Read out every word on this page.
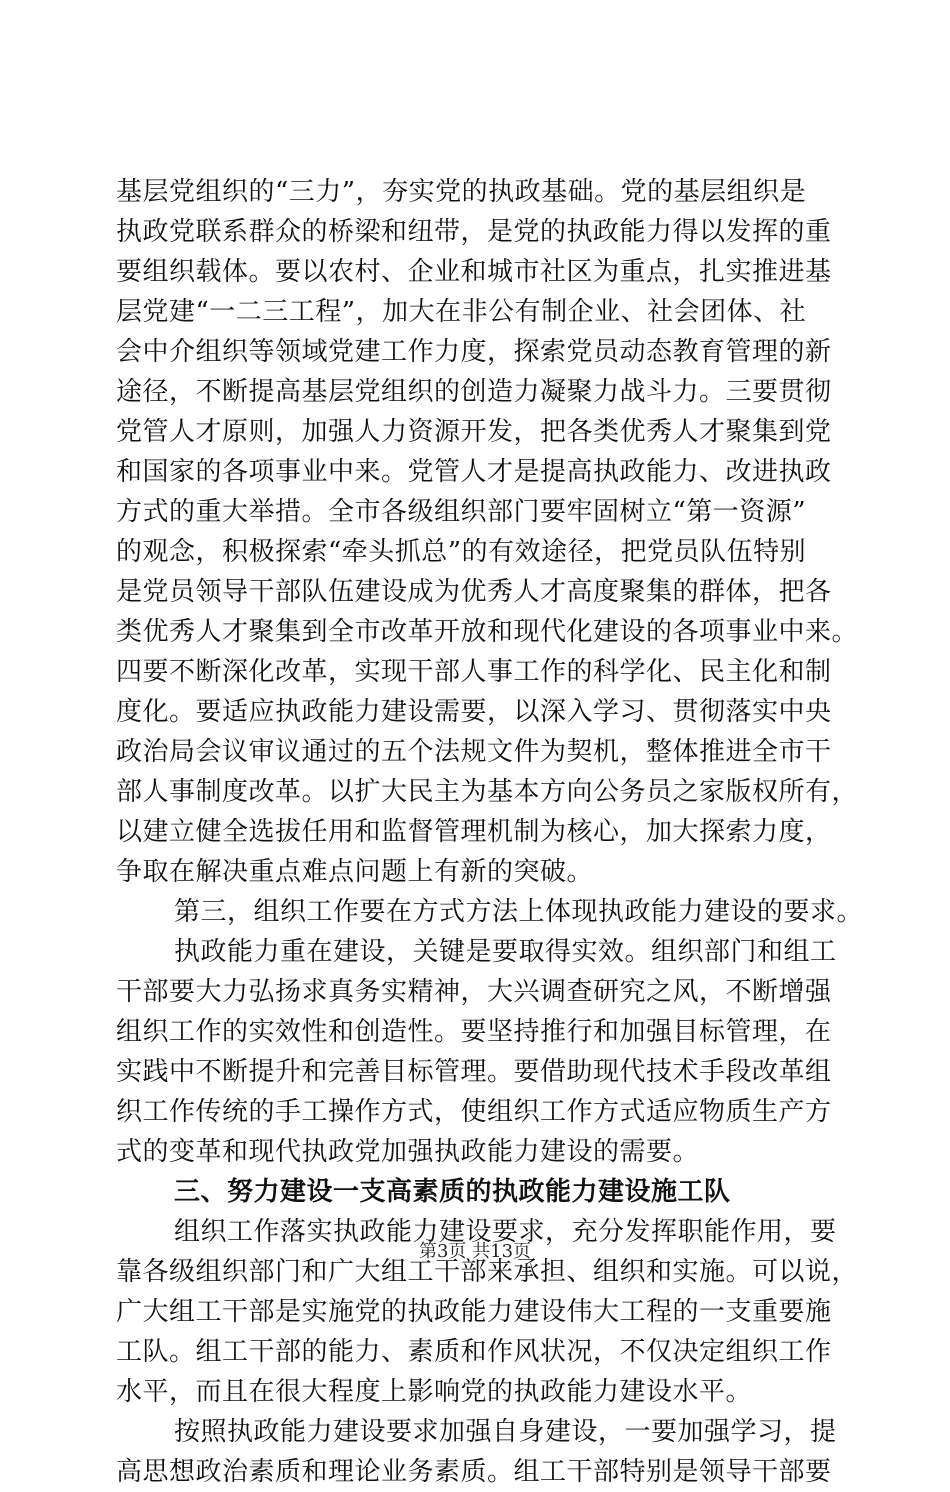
基层党组织的“三力”，夯实党的执政基础。党的基层组织是
执政党联系群众的桥梁和纽带，是党的执政能力得以发挥的重
要组织载体。要以农村、企业和城市社区为重点，扎实推进基
层党建“一二三工程”，加大在非公有制企业、社会团体、社
会中介组织等领域党建工作力度，探索党员动态教育管理的新
途径，不断提高基层党组织的创造力凝聚力战斗力。三要贯彻
党管人才原则，加强人力资源开发，把各类优秀人才聚集到党
和国家的各项事业中来。党管人才是提高执政能力、改进执政
方式的重大举措。全市各级组织部门要牢固树立“第一资源”
的观念，积极探索“牵头抓总”的有效途径，把党员队伍特别
是党员领导干部队伍建设成为优秀人才高度聚集的群体，把各
类优秀人才聚集到全市改革开放和现代化建设的各项事业中来。
四要不断深化改革，实现干部人事工作的科学化、民主化和制
度化。要适应执政能力建设需要，以深入学习、贯彻落实中央
政治局会议审议通过的五个法规文件为契机，整体推进全市干
部人事制度改革。以扩大民主为基本方向公务员之家版权所有，
以建立健全选拔任用和监督管理机制为核心，加大探索力度，
争取在解决重点难点问题上有新的突破。
第三，组织工作要在方式方法上体现执政能力建设的要求。
执政能力重在建设，关键是要取得实效。组织部门和组工
干部要大力弘扬求真务实精神，大兴调查研究之风，不断增强
组织工作的实效性和创造性。要坚持推行和加强目标管理，在
实践中不断提升和完善目标管理。要借助现代技术手段改革组
织工作传统的手工操作方式，使组织工作方式适应物质生产方
式的变革和现代执政党加强执政能力建设的需要。
三、努力建设一支高素质的执政能力建设施工队
组织工作落实执政能力建设要求，充分发挥职能作用，要
靠各级组织部门和广大组工干部来承担、组织和实施。可以说，
广大组工干部是实施党的执政能力建设伟大工程的一支重要施
工队。组工干部的能力、素质和作风状况，不仅决定组织工作
水平，而且在很大程度上影响党的执政能力建设水平。
按照执政能力建设要求加强自身建设，一要加强学习，提
高思想政治素质和理论业务素质。组工干部特别是领导干部要
第3页 共13页
